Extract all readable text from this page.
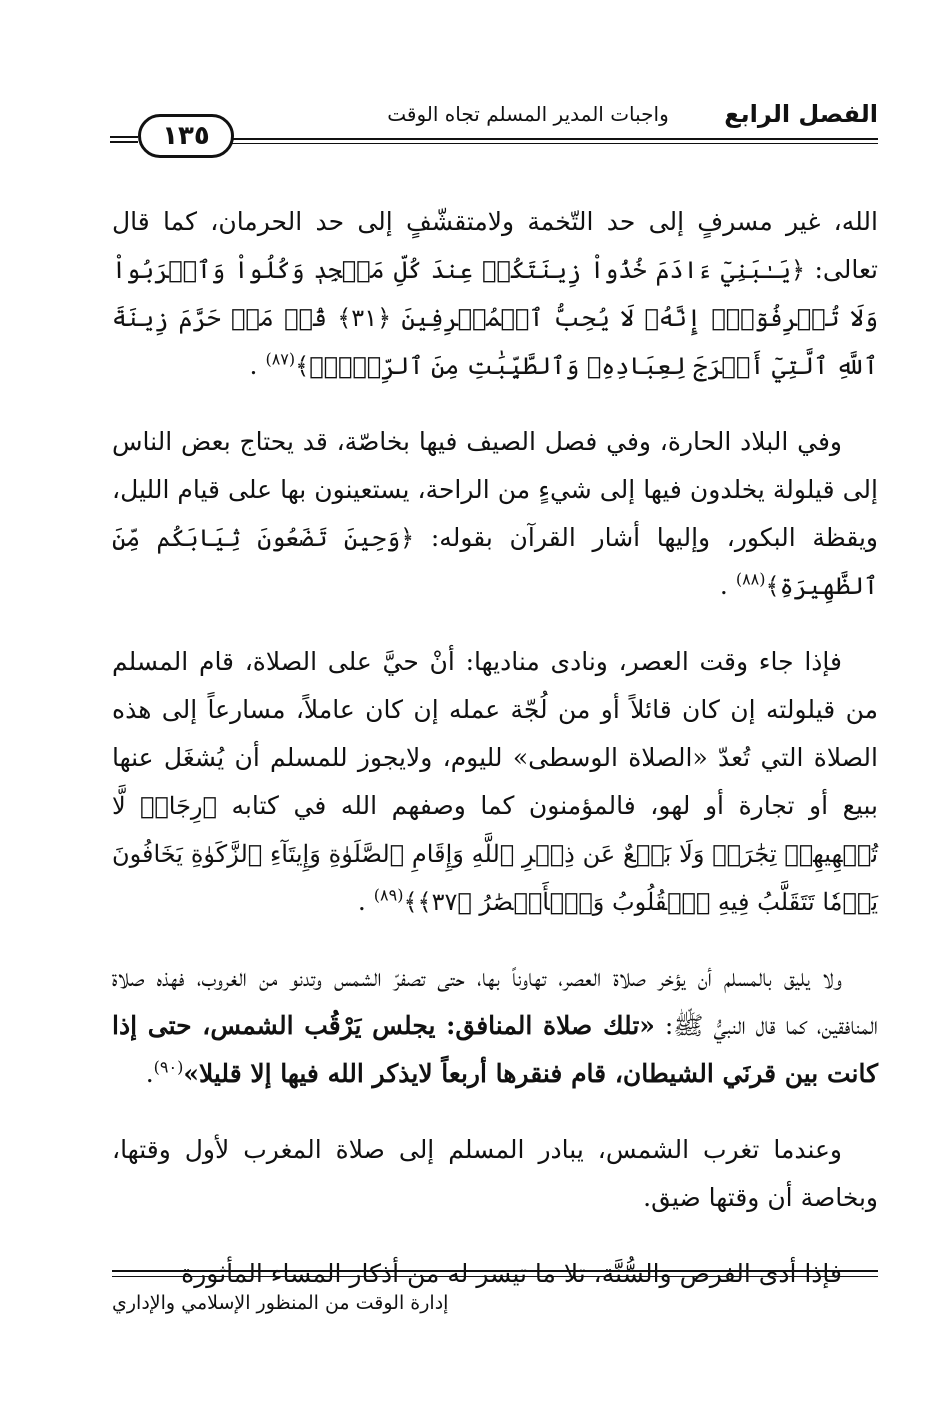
الفصل الرابع
واجبات المدير المسلم تجاه الوقت
١٣٥

الله، غير مسرفٍ إلى حد التّخمة ولامتقشّفٍ إلى حد الحرمان، كما قال تعالى: ﴿يَـٰبَنِيٓ ءَادَمَ خُذُواْ زِينَتَكُمۡ عِندَ كُلِّ مَسۡجِدٖ وَكُلُواْ وَٱشۡرَبُواْ وَلَا تُسۡرِفُوٓاْۚ إِنَّهُۥ لَا يُحِبُّ ٱلۡمُسۡرِفِينَ ﴿٣١﴾ قُلۡ مَنۡ حَرَّمَ زِينَةَ ٱللَّهِ ٱلَّتِيٓ أَخۡرَجَ لِعِبَادِهِۦ وَٱلطَّيِّبَٰتِ مِنَ ٱلرِّزۡقِۚ﴾$^{(٨٧)}$ .

وفي البلاد الحارة، وفي فصل الصيف فيها بخاصّة، قد يحتاج بعض الناس إلى قيلولة يخلدون فيها إلى شيءٍ من الراحة، يستعينون بها على قيام الليل، ويقظة البكور، وإليها أشار القرآن بقوله: ﴿وَحِينَ تَضَعُونَ ثِيَابَكُم مِّنَ ٱلظَّهِيرَةِ﴾$^{(٨٨)}$ .

فإذا جاء وقت العصر، ونادى مناديها: أنْ حيَّ على الصلاة، قام المسلم من قيلولته إن كان قائلاً أو من لُجّة عمله إن كان عاملاً، مسارعاً إلى هذه الصلاة التي تُعدّ «الصلاة الوسطى» لليوم، ولايجوز للمسلم أن يُشغَل عنها ببيع أو تجارة أو لهو، فالمؤمنون كما وصفهم الله في كتابه ﴿رِجَالٞ لَّا تُلۡهِيهِمۡ تِجَٰرَةٞ وَلَا بَيۡعٌ عَن ذِكۡرِ ٱللَّهِ وَإِقَامِ ٱلصَّلَوٰةِ وَإِيتَآءِ ٱلزَّكَوٰةِ يَخَافُونَ يَوۡمٗا تَتَقَلَّبُ فِيهِ ٱلۡقُلُوبُ وَٱلۡأَبۡصَٰرُ ﴿٣٧﴾﴾$^{(٨٩)}$ .

ولا يليق بالمسلم أن يؤخر صلاة العصر، تهاوناً بها، حتى تصفرّ الشمس وتدنو من الغروب، فهذه صلاة المنافقين، كما قال النبيُّ ﷺ: «تلك صلاة المنافق: يجلس يَرْقُب الشمس، حتى إذا كانت بين قرنَي الشيطان، قام فنقرها أربعاً لايذكر الله فيها إلا قليلا»$^{(٩٠)}$.

وعندما تغرب الشمس، يبادر المسلم إلى صلاة المغرب لأول وقتها، وبخاصة أن وقتها ضيق.

فإذا أدى الفرض والسُّنَّة، تلا ما تيسر له من أذكار المساء المأثورة

إدارة الوقت من المنظور الإسلامي والإداري
